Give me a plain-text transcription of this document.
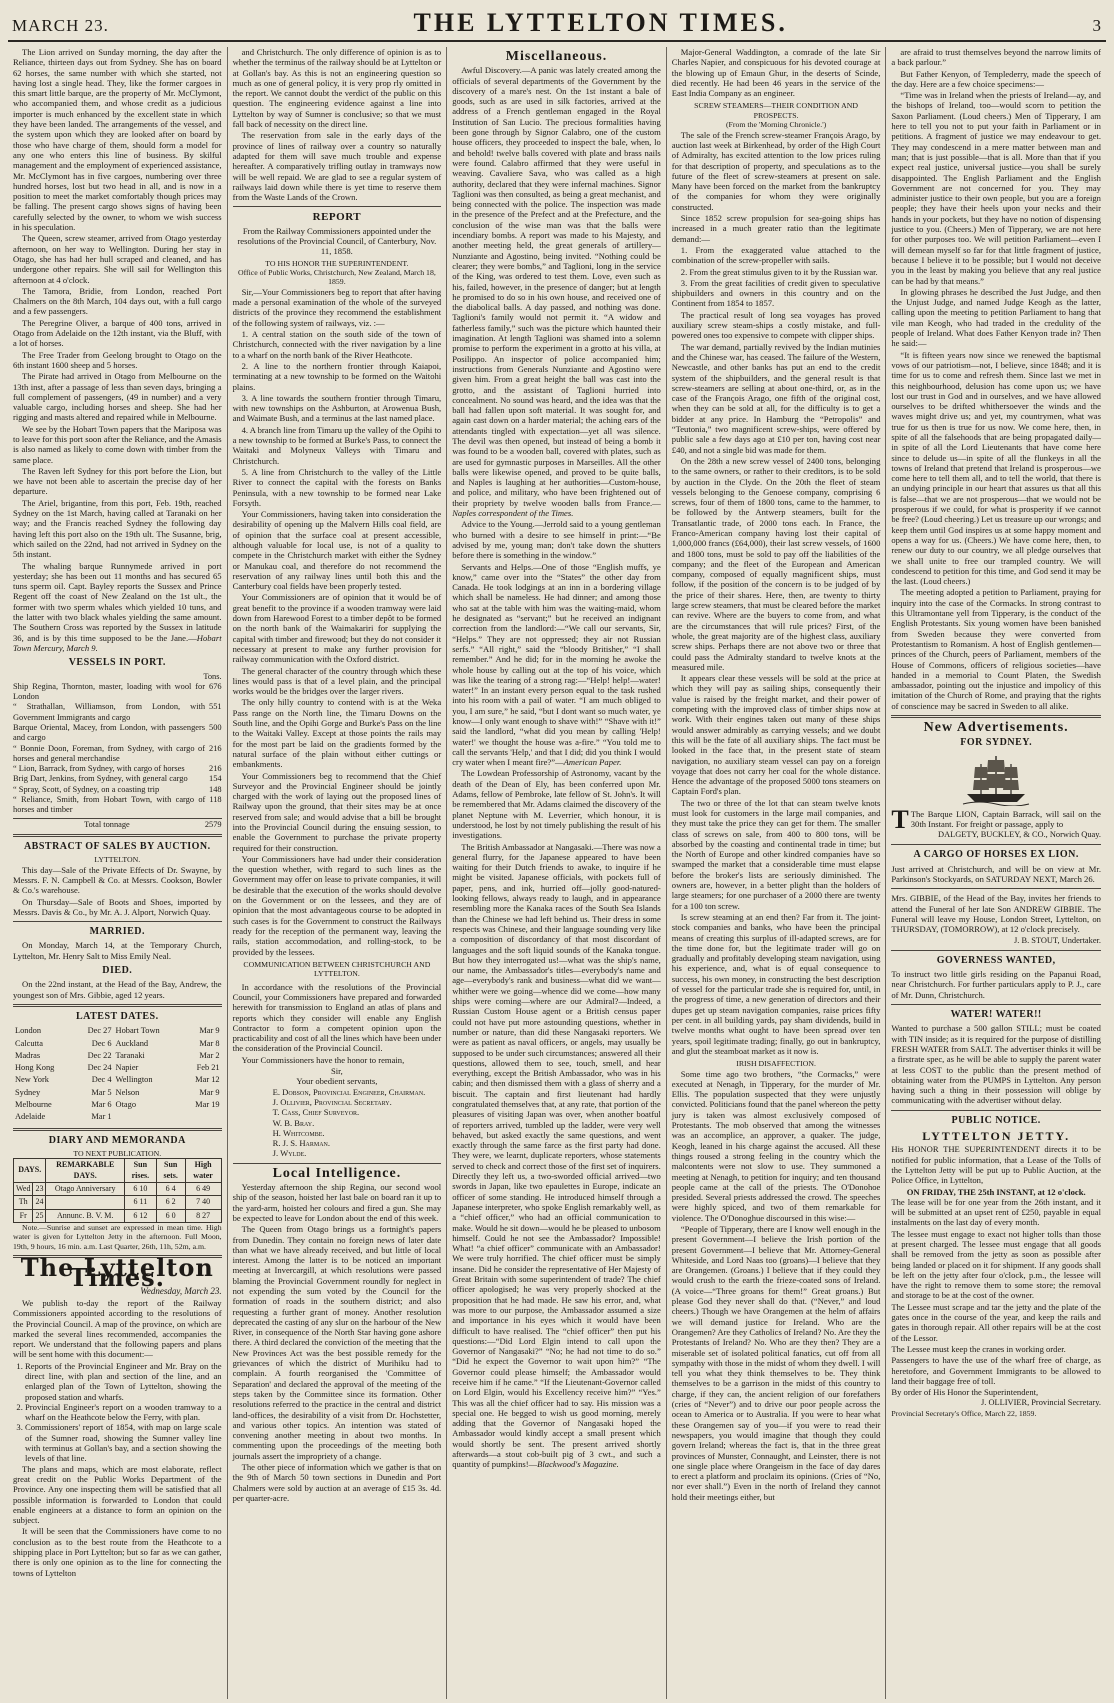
MARCH 23.	THE LYTTELTON TIMES.	3

The Lion arrived on Sunday morning, the day after the Reliance, thirteen days out from Sydney. She has on board 62 horses, the same number with which she started, not having lost a single head. They, like the former cargoes in this smart little barque, are the property of Mr. McClymont, who accompanied them, and whose credit as a judicious importer is much enhanced by the excellent state in which they have been landed. The arrangements of the vessel, and the system upon which they are looked after on board by those who have charge of them, should form a model for any one who enters this line of business. By skilful management and the employment of experienced assistance, Mr. McClymont has in five cargoes, numbering over three hundred horses, lost but two head in all, and is now in a position to meet the market comfortably though prices may be falling. The present cargo shows signs of having been carefully selected by the owner, to whom we wish success in his speculation.

The Queen, screw steamer, arrived from Otago yesterday afternoon, on her way to Wellington. During her stay in Otago, she has had her hull scraped and cleaned, and has undergone other repairs. She will sail for Wellington this afternoon at 4 o'clock.

The Tamora, Bridie, from London, reached Port Chalmers on the 8th March, 104 days out, with a full cargo and a few passengers.

The Peregrine Oliver, a barque of 400 tons, arrived in Otago from Adelaide on the 12th instant, via the Bluff, with a lot of horses.

The Free Trader from Geelong brought to Otago on the 6th instant 1600 sheep and 5 horses.

The Pirate had arrived in Otago from Melbourne on the 13th inst, after a passage of less than seven days, bringing a full complement of passengers, (49 in number) and a very valuable cargo, including horses and sheep. She had her rigging and masts altered and repaired while in Melbourne.

We see by the Hobart Town papers that the Mariposa was to leave for this port soon after the Reliance, and the Amasis is also named as likely to come down with timber from the same place.

The Raven left Sydney for this port before the Lion, but we have not been able to ascertain the precise day of her departure.

The Ariel, brigantine, from this port, Feb. 19th, reached Sydney on the 1st March, having called at Taranaki on her way; and the Francis reached Sydney the following day having left this port also on the 19th ult. The Susanne, brig, which sailed on the 22nd, had not arrived in Sydney on the 5th instant.

The whaling barque Runnymede arrived in port yesterday; she has been out 11 months and has secured 65 tuns sperm oil. Capt. Bayley reports the Sussex and Prince Regent off the coast of New Zealand on the 1st ult., the former with two sperm whales which yielded 10 tuns, and the latter with two black whales yielding the same amount. The Southern Cross was reported by the Sussex in latitude 36, and is by this time supposed to be the Jane.—Hobart Town Mercury, March 9.

VESSELS IN PORT.
Tons.
Ship Regina, Thornton, master, loading with wool for London
676
“ Strathallan, Williamson, from London, with Government Immigrants and cargo
551
Barque Oriental, Macey, from London, with passengers and cargo
500
“ Bonnie Doon, Foreman, from Sydney, with cargo of horses and general merchandise
216
“ Lion, Barrack, from Sydney, with cargo of horses	216
Brig Dart, Jenkins, from Sydney, with general cargo	154
“ Spray, Scott, of Sydney, on a coasting trip	148
“ Reliance, Smith, from Hobart Town, with cargo of horses and timber
118
Total tonnage	2579
ABSTRACT OF SALES BY AUCTION.
LYTTELTON.

This day—Sale of the Private Effects of Dr. Swayne, by Messrs. F. N. Campbell & Co. at Messrs. Cookson, Bowler & Co.'s warehouse.

On Thursday—Sale of Boots and Shoes, imported by Messrs. Davis & Co., by Mr. A. J. Alport, Norwich Quay.

MARRIED.

On Monday, March 14, at the Temporary Church, Lyttelton, Mr. Henry Salt to Miss Emily Neal.

DIED.

On the 22nd instant, at the Head of the Bay, Andrew, the youngest son of Mrs. Gibbie, aged 12 years.

LATEST DATES.
London	Dec 27	Hobart Town	Mar 9
Calcutta	Dec 6	Auckland	Mar 8
Madras	Dec 22	Taranaki	Mar 2
Hong Kong	Dec 24	Napier	Feb 21
New York	Dec 4	Wellington	Mar 12
Sydney	Mar 5	Nelson	Mar 9
Melbourne	Mar 6	Otago	Mar 19
Adelaide	Mar 1		
DIARY AND MEMORANDA
TO NEXT PUBLICATION.
DAYS.		REMARKABLE DAYS.	Sun rises.	Sun sets.	High water
Wed	23	Otago Anniversary	6 10	6 4	6 49
Th	24		6 11	6 2	7 40
Fr	25	Annunc. B. V. M.	6 12	6 0	8 27

Note.—Sunrise and sunset are expressed in mean time. High water is given for Lyttelton Jetty in the afternoon. Full Moon, 19th, 9 hours, 16 min. a.m. Last Quarter, 26th, 11h, 52m, a.m.

The Lyttelton Times.
Wednesday, March 23.

We publish to-day the report of the Railway Commissioners appointed according to the resolutions of the Provincial Council. A map of the province, on which are marked the several lines recommended, accompanies the report. We understand that the following papers and plans will be sent home with this document:—

1. Reports of the Provincial Engineer and Mr. Bray on the direct line, with plan and section of the line, and an enlarged plan of the Town of Lyttelton, showing the proposed station and wharfs.
2. Provincial Engineer's report on a wooden tramway to a wharf on the Heathcote below the Ferry, with plan.
3. Commissioners' report of 1854, with map on large scale of the Sumner road, showing the Sumner valley line with terminus at Gollan's bay, and a section showing the levels of that line.

The plans and maps, which are most elaborate, reflect great credit on the Public Works Department of the Province. Any one inspecting them will be satisfied that all possible information is forwarded to London that could enable engineers at a distance to form an opinion on the subject.

It will be seen that the Commissioners have come to no conclusion as to the best route from the Heathcote to a shipping place in Port Lyttelton; but so far as we can gather, there is only one opinion as to the line for connecting the towns of Lyttelton

and Christchurch. The only difference of opinion is as to whether the terminus of the railway should be at Lyttelton or at Gollan's bay. As this is not an engineering question so much as one of general policy, it is very prop rly omitted in the report. We cannot doubt the verdict of the public on this question. The engineering evidence against a line into Lyttelton by way of Sumner is conclusive; so that we must fall back of necessity on the direct line.

The reservation from sale in the early days of the province of lines of railway over a country so naturally adapted for them will save much trouble and expense hereafter. A comparatively trifling outlay in tramways now will be well repaid. We are glad to see a regular system of railways laid down while there is yet time to reserve them from the Waste Lands of the Crown.

REPORT
From the Railway Commissioners appointed under the resolutions of the Provincial Council, of Canterbury, Nov. 11, 1858.
TO HIS HONOR THE SUPERINTENDENT.
Office of Public Works, Christchurch, New Zealand, March 18, 1859.

Sir,—Your Commissioners beg to report that after having made a personal examination of the whole of the surveyed districts of the province they recommend the establishment of the following system of railways, viz. :—

1. A central station on the south side of the town of Christchurch, connected with the river navigation by a line to a wharf on the north bank of the River Heathcote.

2. A line to the northern frontier through Kaiapoi, terminating at a new township to be formed on the Waitohi plains.

3. A line towards the southern frontier through Timaru, with new townships on the Ashburton, at Arowenua Bush, and Waimate Bush, and a terminus at the last named place.

4. A branch line from Timaru up the valley of the Opihi to a new township to be formed at Burke's Pass, to connect the Waitaki and Molyneux Valleys with Timaru and Christchurch.

5. A line from Christchurch to the valley of the Little River to connect the capital with the forests on Banks Peninsula, with a new township to be formed near Lake Forsyth.

Your Commissioners, having taken into consideration the desirability of opening up the Malvern Hills coal field, are of opinion that the surface coal at present accessible, although valuable for local use, is not of a quality to compete in the Christchurch market with either the Sydney or Manukau coal, and therefore do not recommend the reservation of any railway lines until both this and the Canterbury coal fields have been properly tested.

Your Commissioners are of opinion that it would be of great benefit to the province if a wooden tramway were laid down from Harewood Forest to a timber depôt to be formed on the north bank of the Waimakariri for supplying the capital with timber and firewood; but they do not consider it necessary at present to make any further provision for railway communication with the Oxford district.

The general character of the country through which these lines would pass is that of a level plain, and the principal works would be the bridges over the larger rivers.

The only hilly country to contend with is at the Weka Pass range on the North line, the Timaru Downs on the South line, and the Opihi Gorge and Burke's Pass on the line to the Waitaki Valley. Except at those points the rails may for the most part be laid on the gradients formed by the natural surface of the plain without either cuttings or embankments.

Your Commissioners beg to recommend that the Chief Surveyor and the Provincial Engineer should be jointly charged with the work of laying out the proposed lines of Railway upon the ground, that their sites may be at once reserved from sale; and would advise that a bill be brought into the Provincial Council during the ensuing session, to enable the Government to purchase the private property required for their construction.

Your Commissioners have had under their consideration the question whether, with regard to such lines as the Government may offer on lease to private companies, it will be desirable that the execution of the works should devolve on the Government or on the lessees, and they are of opinion that the most advantageous course to be adopted in such cases is for the Government to construct the Railways ready for the reception of the permanent way, leaving the rails, station accommodation, and rolling-stock, to be provided by the lessees.

COMMUNICATION BETWEEN CHRISTCHURCH AND LYTTELTON.

In accordance with the resolutions of the Provincial Council, your Commissioners have prepared and forwarded herewith for transmission to England an atlas of plans and reports which they consider will enable any English Contractor to form a competent opinion upon the practicability and cost of all the lines which have been under the consideration of the Provincial Council.

Your Commissioners have the honor to remain,

Sir,
Your obedient servants,
E. Dobson, Provincial Engineer, Chairman.
J. Ollivier, Provincial Secretary.
T. Cass, Chief Surveyor.
W. B. Bray.
H. Whitcombe.
R. J. S. Harman.
J. Wylde.
Local Intelligence.

Yesterday afternoon the ship Regina, our second wool ship of the season, hoisted her last bale on board ran it up to the yard-arm, hoisted her colours and fired a gun. She may be expected to leave for London about the end of this week.

The Queen from Otago brings us a fortnight's papers from Dunedin. They contain no foreign news of later date than what we have already received, and but little of local interest. Among the latter is to be noticed an important meeting at Invercargill, at which resolutions were passed blaming the Provincial Government roundly for neglect in not expending the sum voted by the Council for the formation of roads in the southern district; and also requesting a further grant of money. Another resolution deprecated the casting of any slur on the harbour of the New River, in consequence of the North Star having gone ashore there. A third declared the conviction of the meeting that the New Provinces Act was the best possible remedy for the grievances of which the district of Murihiku had to complain. A fourth reorganised the 'Committee of Separation' and declared the approval of the meeting of the steps taken by the Committee since its formation. Other resolutions referred to the practice in the central and district land-offices, the desirability of a visit from Dr. Hochstetter, and various other topics. An intention was stated of convening another meeting in about two months. In commenting upon the proceedings of the meeting both journals assert the impropriety of a change.

The other piece of information which we gather is that on the 9th of March 50 town sections in Dunedin and Port Chalmers were sold by auction at an average of £15 3s. 4d. per quarter-acre.

Miscellaneous.

Awful Discovery.—A panic was lately created among the officials of several departments of the Government by the discovery of a mare's nest. On the 1st instant a bale of goods, such as are used in silk factories, arrived at the address of a French gentleman engaged in the Royal Institution of San Lucio. The precious formalities having been gone through by Signor Calabro, one of the custom house officers, they proceeded to inspect the bale, when, lo and behold! twelve balls covered with plate and brass nails were found. Calabro affirmed that they were useful in weaving. Cavaliere Sava, who was called as a high authority, declared that they were infernal machines. Signor Taglioni was then consulted, as being a great mechanist, and being connected with the police. The inspection was made in the presence of the Prefect and at the Prefecture, and the conclusion of the wise man was that the balls were incendiary bombs. A report was made to his Majesty, and another meeting held, the great generals of artillery—Nunziante and Agostino, being invited. “Nothing could be clearer; they were bombs,” and Taglioni, long in the service of the King, was ordered to test them. Love, even such as his, failed, however, in the presence of danger; but at length he promised to do so in his own house, and received one of the diabolical balls. A day passed, and nothing was done. Taglioni's family would not permit it. “A widow and fatherless family,” such was the picture which haunted their imagination. At length Taglioni was shamed into a solemn promise to perform the experiment in a grotto at his villa, at Posilippo. An inspector of police accompanied him; instructions from Generals Nunziante and Agostino were given him. From a great height the ball was cast into the grotto, and the assistant of Taglioni hurried into concealment. No sound was heard, and the idea was that the ball had fallen upon soft material. It was sought for, and again cast down on a harder material; the aching ears of the attendants tingled with expectation—yet all was silence. The devil was then opened, but instead of being a bomb it was found to be a wooden ball, covered with plates, such as are used for gymnastic purposes in Marseilles. All the other balls were likewise opened, and proved to be quite balls, and Naples is laughing at her authorities—Custom-house, and police, and military, who have been frightened out of their propriety by twelve wooden balls from France.—Naples correspondent of the Times.

Advice to the Young.—Jerrold said to a young gentleman who burned with a desire to see himself in print:—“Be advised by me, young man; don't take down the shutters before there is something in the window.”

Servants and Helps.—One of those “English muffs, ye know,” came over into the “States” the other day from Canada. He took lodgings at an inn in a bordering village which shall be nameless. He had dinner; and among those who sat at the table with him was the waiting-maid, whom he designated as “servant;” but he received an indignant correction from the landlord:—“We call our servants, Sir, “Helps.” They are not oppressed; they air not Russian serfs.” “All right,” said the “bloody Britisher,” “I shall remember.” And he did; for in the morning he awoke the whole house by calling out at the top of his voice, which was like the tearing of a strong rag:—“Help! help!—water! water!” In an instant every person equal to the task rushed into his room with a pail of water. “I am much obliged to you, I am sure,” he said, “but I dont want so much water, ye know—I only want enough to shave with!” “Shave with it!” said the landlord, “what did you mean by calling 'Help! water!' we thought the house was a-fire.” “You told me to call the servants 'Help,' and that I did; did you think I would cry water when I meant fire?”—American Paper.

The Lowdean Professorship of Astronomy, vacant by the death of the Dean of Ely, has been conferred upon Mr. Adams, fellow of Pembroke, late fellow of St. John's. It will be remembered that Mr. Adams claimed the discovery of the planet Neptune with M. Leverrier, which honour, it is understood, he lost by not timely publishing the result of his investigations.

The British Ambassador at Nangasaki.—There was now a general flurry, for the Japanese appeared to have been waiting for their Dutch friends to awake, to inquire if he might be visited. Japanese officials, with pockets full of paper, pens, and ink, hurried off—jolly good-natured-looking fellows, always ready to laugh, and in appearance resembling more the Kanaka races of the South Sea Islands than the Chinese we had left behind us. Their dress in some respects was Chinese, and their language sounding very like a composition of discordancy of that most discordant of languages and the soft liquid sounds of the Kanaka tongue. But how they interrogated us!—what was the ship's name, our name, the Ambassador's titles—everybody's name and age—everybody's rank and business—what did we want—whither were we going—whence did we come—how many ships were coming—where are our Admiral?—Indeed, a Russian Custom House agent or a British census paper could not have put more astounding questions, whether in number or nature, than did these Nangasaki reporters. We were as patient as naval officers, or angels, may usually be supposed to be under such circumstances; answered all their questions, allowed them to see, touch, smell, and hear everything, except the British Ambassador, who was in his cabin; and then dismissed them with a glass of sherry and a biscuit. The captain and first lieutenant had hardly congratulated themselves that, at any rate, that portion of the pleasures of visiting Japan was over, when another boatful of reporters arrived, tumbled up the ladder, were very well behaved, but asked exactly the same questions, and went exactly through the same farce as the first party had done. They were, we learnt, duplicate reporters, whose statements served to check and correct those of the first set of inquirers. Directly they left us, a two-sworded official arrived—two swords in Japan, like two epaulettes in Europe, indicate an officer of some standing. He introduced himself through a Japanese interpreter, who spoke English remarkably well, as a “chief officer,” who had an official communication to make. Would he sit down—would he be pleased to unbosom himself. Could he not see the Ambassador? Impossible! What! “a chief officer” communicate with an Ambassador! We were truly horrified. The chief officer must be simply insane. Did he consider the representative of Her Majesty of Great Britain with some superintendent of trade? The chief officer apologised; he was very properly shocked at the proposition that he had made. He saw his error, and, what was more to our purpose, the Ambassador assumed a size and importance in his eyes which it would have been difficult to have realised. The “chief officer” then put his questions:—“Did Lord Elgin intend to call upon the Governor of Nangasaki?” “No; he had not time to do so.” “Did he expect the Governor to wait upon him?” “The Governor could please himself; the Ambassador would receive him if he came.” “If the Lieutenant-Governor called on Lord Elgin, would his Excellency receive him?” “Yes.” This was all the chief officer had to say. His mission was a special one. He begged to wish us good morning, merely adding that the Governor of Nangasaki hoped the Ambassador would kindly accept a small present which would shortly be sent. The present arrived shortly afterwards—a stout cob-built pig of 3 cwt., and such a quantity of pumpkins!—Blackwood's Magazine.

Major-General Waddington, a comrade of the late Sir Charles Napier, and conspicuous for his devoted courage at the blowing up of Emaun Ghur, in the deserts of Scinde, died recently. He had been 46 years in the service of the East India Company as an engineer.

SCREW STEAMERS—THEIR CONDITION AND PROSPECTS.
(From the 'Morning Chronicle.')

The sale of the French screw-steamer François Arago, by auction last week at Birkenhead, by order of the High Court of Admiralty, has excited attention to the low prices ruling for that description of property, and speculations as to the future of the fleet of screw-steamers at present on sale. Many have been forced on the market from the bankruptcy of the companies for whom they were originally constructed.

Since 1852 screw propulsion for sea-going ships has increased in a much greater ratio than the legitimate demand:—

1. From the exaggerated value attached to the combination of the screw-propeller with sails.

2. From the great stimulus given to it by the Russian war.

3. From the great facilities of credit given to speculative shipbuilders and owners in this country and on the Continent from 1854 to 1857.

The practical result of long sea voyages has proved auxiliary screw steam-ships a costly mistake, and full-powered ones too expensive to compete with clipper ships.

The war demand, partially revived by the Indian mutinies and the Chinese war, has ceased. The failure of the Western, Newcastle, and other banks has put an end to the credit system of the shipbuilders, and the general result is that screw-steamers are selling at about one-third, or, as in the case of the François Arago, one fifth of the original cost, when they can be sold at all, for the difficulty is to get a bidder at any price. In Hamburg the “Petropolis” and “Teutonia,” two magnificent screw-ships, were offered by public sale a few days ago at £10 per ton, having cost near £40, and not a single bid was made for them.

On the 28th a new screw vessel of 2400 tons, belonging to the same owners, or rather to their creditors, is to be sold by auction in the Clyde. On the 20th the fleet of steam vessels belonging to the Genoese company, comprising 6 screws, four of them of 1800 tons, came to the hammer, to be followed by the Antwerp steamers, built for the Transatlantic trade, of 2000 tons each. In France, the Franco-American company having lost their capital of 1,000,000 francs (£64,000), their last screw vessels, of 1600 and 1800 tons, must be sold to pay off the liabilities of the company; and the fleet of the European and American company, composed of equally magnificent ships, must follow, if the position of the concern is to be judged of by the price of their shares. Here, then, are twenty to thirty large screw steamers, that must be cleared before the market can revive. Where are the buyers to come from, and what are the circumstances that will rule prices? First, of the whole, the great majority are of the highest class, auxiliary screw ships. Perhaps there are not above two or three that could pass the Admiralty standard to twelve knots at the measured mile.

It appears clear these vessels will be sold at the price at which they will pay as sailing ships, consequently their value is raised by the freight market, and their power of competing with the improved class of timber ships now at work. With their engines taken out many of these ships would answer admirably as carrying vessels; and we doubt this will be the fate of all auxiliary ships. The fact must be looked in the face that, in the present state of steam navigation, no auxiliary steam vessel can pay on a foreign voyage that does not carry her coal for the whole distance. Hence the advantage of the proposed 5000 tons steamers on Captain Ford's plan.

The two or three of the lot that can steam twelve knots must look for customers in the large mail companies, and they must take the price they can get for them. The smaller class of screws on sale, from 400 to 800 tons, will be absorbed by the coasting and continental trade in time; but the North of Europe and other kindred companies have so swamped the market that a considerable time must elapse before the broker's lists are seriously diminished. The owners are, however, in a better plight than the holders of large steamers; for one purchaser of a 2000 there are twenty for a 100 ton screw.

Is screw steaming at an end then? Far from it. The joint-stock companies and banks, who have been the principal means of creating this surplus of ill-adapted screws, are for the time done for, but the legitimate trader will go on gradually and profitably developing steam navigation, using his experience, and, what is of equal consequence to success, his own money, in constructing the best description of vessel for the particular trade she is required for, until, in the progress of time, a new generation of directors and their dupes get up steam navigation companies, raise prices fifty per cent. in all building yards, pay sham dividends, build in twelve months what ought to have been spread over ten years, spoil legitimate trading; finally, go out in bankruptcy, and glut the steamboat market as it now is.

IRISH DISAFFECTION.

Some time ago two brothers, “the Cormacks,” were executed at Nenagh, in Tipperary, for the murder of Mr. Ellis. The population suspected that they were unjustly convicted. Politicians found that the panel whereon the petty jury is taken was almost exclusively composed of Protestants. The mob observed that among the witnesses was an accomplice, an approver, a quaker. The judge, Keogh, leaned in his charge against the accused. All these things roused a strong feeling in the country which the malcontents were not slow to use. They summoned a meeting at Nenagh, to petition for inquiry; and ten thousand people came at the call of the priests. The O'Donohoe presided. Several priests addressed the crowd. The speeches were highly spiced, and two of them remarkable for violence. The O'Donoghue discoursed in this wise:—

“People of Tipperary, there are I know well enough in the present Government—I believe the Irish portion of the present Government—I believe that Mr. Attorney-General Whiteside, and Lord Naas too (groans)—I believe that they are Orangemen. (Groans.) I believe that if they could they would crush to the earth the frieze-coated sons of Ireland. (A voice—“Three groans for them!” Great groans.) But please God they never shall do that. (“Never,” and loud cheers.) Though we have Orangemen at the helm of affairs we will demand justice for Ireland. Who are the Orangemen? Are they Catholics of Ireland? No. Are they the Protestants of Ireland? No. Who are they then? They are a miserable set of isolated political fanatics, cut off from all sympathy with those in the midst of whom they dwell. I will tell you what they think themselves to be. They think themselves to be a garrison in the midst of this country to charge, if they can, the ancient religion of our forefathers (cries of “Never”) and to drive our poor people across the ocean to America or to Australia. If you were to hear what these Orangemen say of you—if you were to read their newspapers, you would imagine that though they could govern Ireland; whereas the fact is, that in the three great provinces of Munster, Connaught, and Leinster, there is not one single place where Orangeism in the face of day dares to erect a platform and proclaim its opinions. (Cries of “No, nor ever shall.”) Even in the north of Ireland they cannot hold their meetings either, but

are afraid to trust themselves beyond the narrow limits of a back parlour.”

But Father Kenyon, of Templederry, made the speech of the day. Here are a few choice specimens:—

“Time was in Ireland when the priests of Ireland—ay, and the bishops of Ireland, too—would scorn to petition the Saxon Parliament. (Loud cheers.) Men of Tipperary, I am here to tell you not to put your faith in Parliament or in petitions. A fragment of justice we may endeavour to get. They may condescend in a mere matter between man and man; that is just possible—that is all. More than that if you expect real justice, universal justice—you shall be surely disappointed. The English Parliament and the English Government are not concerned for you. They may administer justice to their own people, but you are a foreign people; they have their heels upon your necks and their hands in your pockets, but they have no notion of dispensing justice to you. (Cheers.) Men of Tipperary, we are not here for other purposes too. We will petition Parliament—even I will demean myself so far for that little fragment of justice, because I believe it to be possible; but I would not deceive you in the least by making you believe that any real justice can be had by that means.”

In glowing phrases he described the Just Judge, and then the Unjust Judge, and named Judge Keogh as the latter, calling upon the meeting to petition Parliament to hang that vile man Keogh, who had traded in the credulity of the people of Ireland. What does Father Kenyon trade in? Then he said:—

“It is fifteen years now since we renewed the baptismal vows of our patriotism—not, I believe, since 1848; and it is time for us to come and refresh them. Since last we met in this neighbourhood, delusion has come upon us; we have lost our trust in God and in ourselves, and we have allowed ourselves to be drifted whithersoever the winds and the waves might drive us; and yet, my countrymen, what was true for us then is true for us now. We come here, then, in spite of all the falsehoods that are being propagated daily—in spite of all the Lord Lieutenants that have come here since to delude us—in spite of all the flunkeys in all the towns of Ireland that pretend that Ireland is prosperous—we come here to tell them all, and to tell the world, that there is an undying principle in our heart that assures us that all this is false—that we are not prosperous—that we would not be prosperous if we could, for what is prosperity if we cannot be free? (Loud cheering.) Let us treasure up our wrongs; and keep them until God inspires us at some happy moment and opens a way for us. (Cheers.) We have come here, then, to renew our duty to our country, we all pledge ourselves that we shall unite to free our trampled country. We will condescend to petition for this time, and God send it may be the last. (Loud cheers.)

The meeting adopted a petition to Parliament, praying for inquiry into the case of the Cormacks. In strong contrast to this Ultramontane yell from Tipperary, is the conduct of the English Protestants. Six young women have been banished from Sweden because they were converted from Protestantism to Romanism. A host of English gentlemen—princes of the Church, peers of Parliament, members of the House of Commons, officers of religious societies—have handed in a memorial to Count Platen, the Swedish ambassador, pointing out the injustice and impolicy of this imitation of the Church of Rome, and praying that the rights of conscience may be sacred in Sweden to all alike.

New Advertisements.
FOR SYDNEY.

T The Barque LION, Captain Barrack, will sail on the 30th Instant. For freight or passage, apply to

DALGETY, BUCKLEY, & CO., Norwich Quay.
A CARGO OF HORSES EX LION.

Just arrived at Christchurch, and will be on view at Mr. Parkinson's Stockyards, on SATURDAY NEXT, March 26.

Mrs. GIBBIE, of the Head of the Bay, invites her friends to attend the Funeral of her late Son ANDREW GIBBIE. The Funeral will leave my House, London Street, Lyttelton, on THURSDAY, (TOMORROW), at 12 o'clock precisely.

J. B. STOUT, Undertaker.
GOVERNESS WANTED,

To instruct two little girls residing on the Papanui Road, near Christchurch. For further particulars apply to P. J., care of Mr. Dunn, Christchurch.

WATER! WATER!!

Wanted to purchase a 500 gallon STILL; must be coated with TIN inside; as it is required for the purpose of distilling FRESH WATER from SALT. The advertiser thinks it will be a firstrate spec, as he will be able to supply the parent water at less COST to the public than the present method of obtaining water from the PUMPS in Lyttelton. Any person having such a thing in their possession will oblige by communicating with the advertiser without delay.

PUBLIC NOTICE.
LYTTELTON JETTY.

His HONOR THE SUPERINTENDENT directs it to be notified for public information, that a Lease of the Tolls of the Lyttelton Jetty will be put up to Public Auction, at the Police Office, in Lyttelton,

ON FRIDAY, THE 25th INSTANT, at 12 o'clock.

The lease will be for one year from the 26th instant, and it will be submitted at an upset rent of £250, payable in equal instalments on the last day of every month.

The lessee must engage to exact not higher tolls than those at present charged. The lessee must engage that all goods shall be removed from the jetty as soon as possible after being landed or placed on it for shipment. If any goods shall be left on the jetty after four o'clock, p.m., the lessee will have the right to remove them to some store; the removal and storage to be at the cost of the owner.

The Lessee must scrape and tar the jetty and the plate of the gates once in the course of the year, and keep the rails and gates in thorough repair. All other repairs will be at the cost of the Lessor.

The Lessee must keep the cranes in working order.

Passengers to have the use of the wharf free of charge, as heretofore, and Government Immigrants to be allowed to land their baggage free of toll.

By order of His Honor the Superintendent,

J. OLLIVIER, Provincial Secretary.

Provincial Secretary's Office, March 22, 1859.
